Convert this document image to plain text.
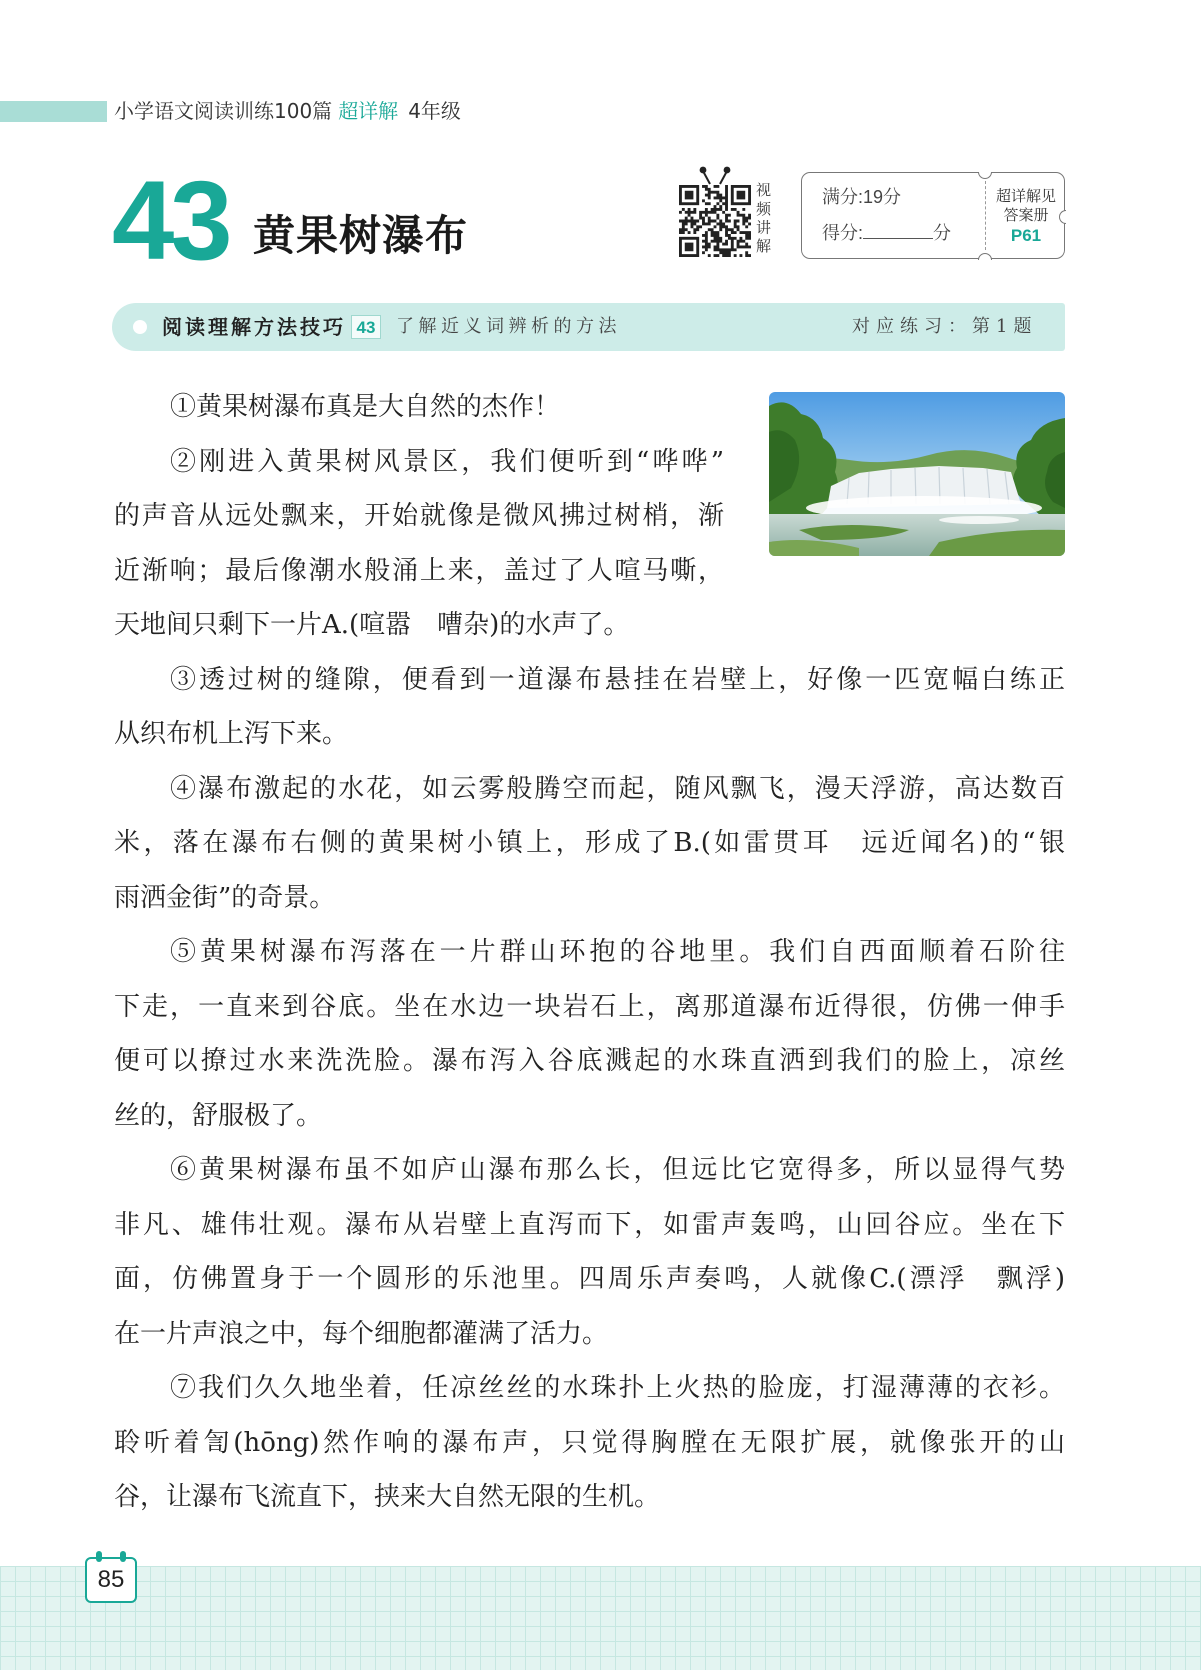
小学语文阅读训练100篇 超详解 4年级
43 黄果树瀑布	视频讲解	满分:19分
得分:	分
超详解见
答案册
P61
阅读理解方法技巧 43	了解近义词辨析的方法	对应练习：第1题
①黄果树瀑布真是大自然的杰作！
②刚进入黄果树风景区，我们便听到“哗哗”
的声音从远处飘来，开始就像是微风拂过树梢，渐
近渐响；最后像潮水般涌上来，盖过了人喧马嘶，
天地间只剩下一片A.(喧嚣　嘈杂)的水声了。
③透过树的缝隙，便看到一道瀑布悬挂在岩壁上，好像一匹宽幅白练正
从织布机上泻下来。
④瀑布激起的水花，如云雾般腾空而起，随风飘飞，漫天浮游，高达数百
米，落在瀑布右侧的黄果树小镇上，形成了B.(如雷贯耳　远近闻名)的“银
雨洒金街”的奇景。
⑤黄果树瀑布泻落在一片群山环抱的谷地里。我们自西面顺着石阶往
下走，一直来到谷底。坐在水边一块岩石上，离那道瀑布近得很，仿佛一伸手
便可以撩过水来洗洗脸。瀑布泻入谷底溅起的水珠直洒到我们的脸上，凉丝
丝的，舒服极了。
⑥黄果树瀑布虽不如庐山瀑布那么长，但远比它宽得多，所以显得气势
非凡、雄伟壮观。瀑布从岩壁上直泻而下，如雷声轰鸣，山回谷应。坐在下
面，仿佛置身于一个圆形的乐池里。四周乐声奏鸣，人就像C.(漂浮　飘浮)
在一片声浪之中，每个细胞都灌满了活力。
⑦我们久久地坐着，任凉丝丝的水珠扑上火热的脸庞，打湿薄薄的衣衫。
聆听着訇(hōng)然作响的瀑布声，只觉得胸膛在无限扩展，就像张开的山
谷，让瀑布飞流直下，挟来大自然无限的生机。
85
